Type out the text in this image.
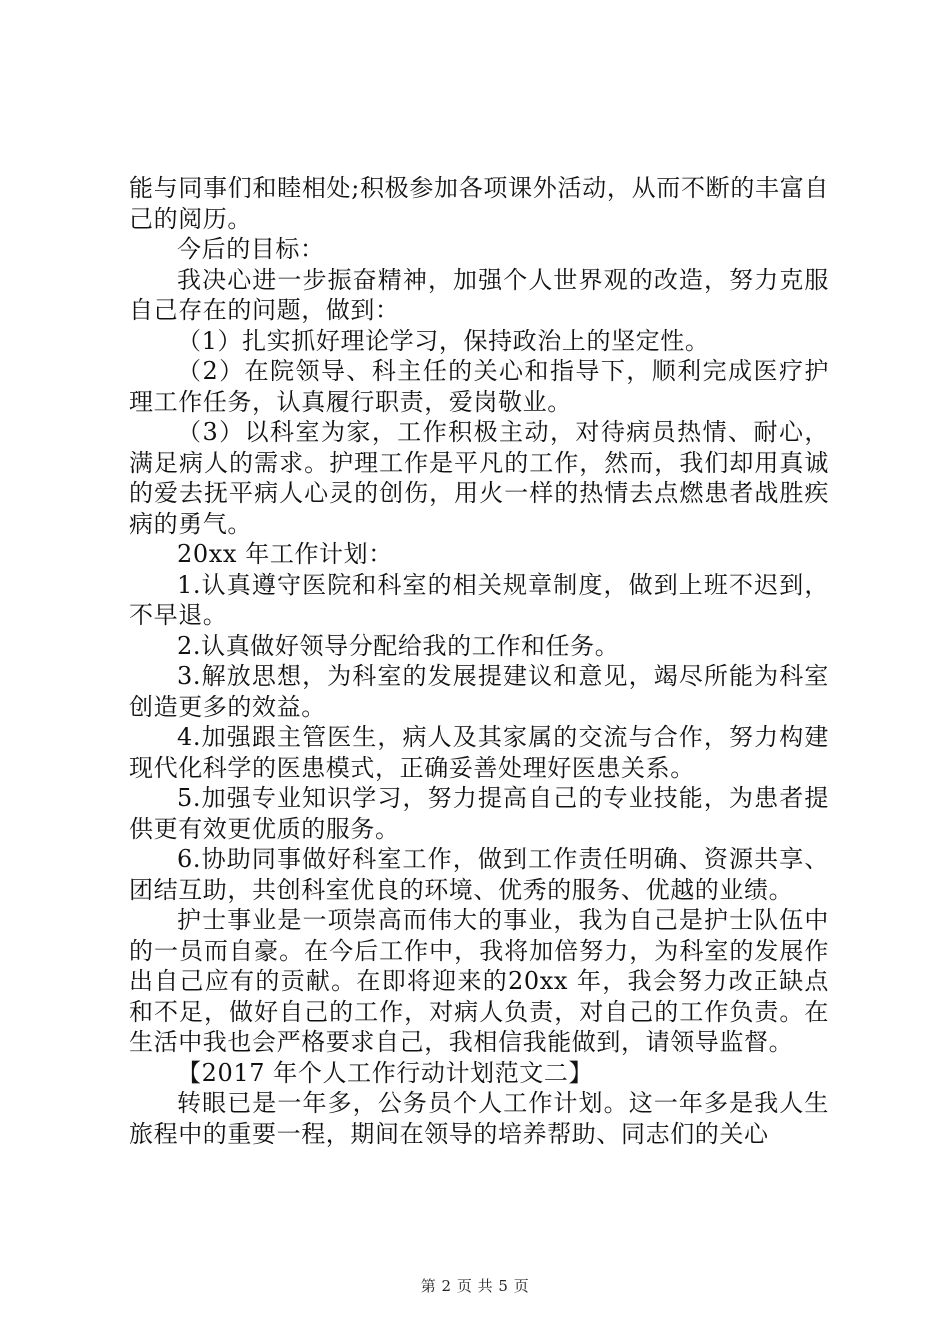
能与同事们和睦相处;积极参加各项课外活动，从而不断的丰富自己的阅历。

今后的目标：

我决心进一步振奋精神，加强个人世界观的改造，努力克服自己存在的问题，做到：

（1）扎实抓好理论学习，保持政治上的坚定性。

（2）在院领导、科主任的关心和指导下，顺利完成医疗护理工作任务，认真履行职责，爱岗敬业。

（3）以科室为家，工作积极主动，对待病员热情、耐心，满足病人的需求。护理工作是平凡的工作，然而，我们却用真诚的爱去抚平病人心灵的创伤，用火一样的热情去点燃患者战胜疾病的勇气。

20xx 年工作计划：

1.认真遵守医院和科室的相关规章制度，做到上班不迟到，不早退。

2.认真做好领导分配给我的工作和任务。

3.解放思想，为科室的发展提建议和意见，竭尽所能为科室创造更多的效益。

4.加强跟主管医生，病人及其家属的交流与合作，努力构建现代化科学的医患模式，正确妥善处理好医患关系。

5.加强专业知识学习，努力提高自己的专业技能，为患者提供更有效更优质的服务。

6.协助同事做好科室工作，做到工作责任明确、资源共享、团结互助，共创科室优良的环境、优秀的服务、优越的业绩。

护士事业是一项崇高而伟大的事业，我为自己是护士队伍中的一员而自豪。在今后工作中，我将加倍努力，为科室的发展作出自己应有的贡献。在即将迎来的20xx 年，我会努力改正缺点和不足，做好自己的工作，对病人负责，对自己的工作负责。在生活中我也会严格要求自己，我相信我能做到，请领导监督。

【2017 年个人工作行动计划范文二】

转眼已是一年多，公务员个人工作计划。这一年多是我人生旅程中的重要一程，期间在领导的培养帮助、同志们的关心

第 2 页 共 5 页
